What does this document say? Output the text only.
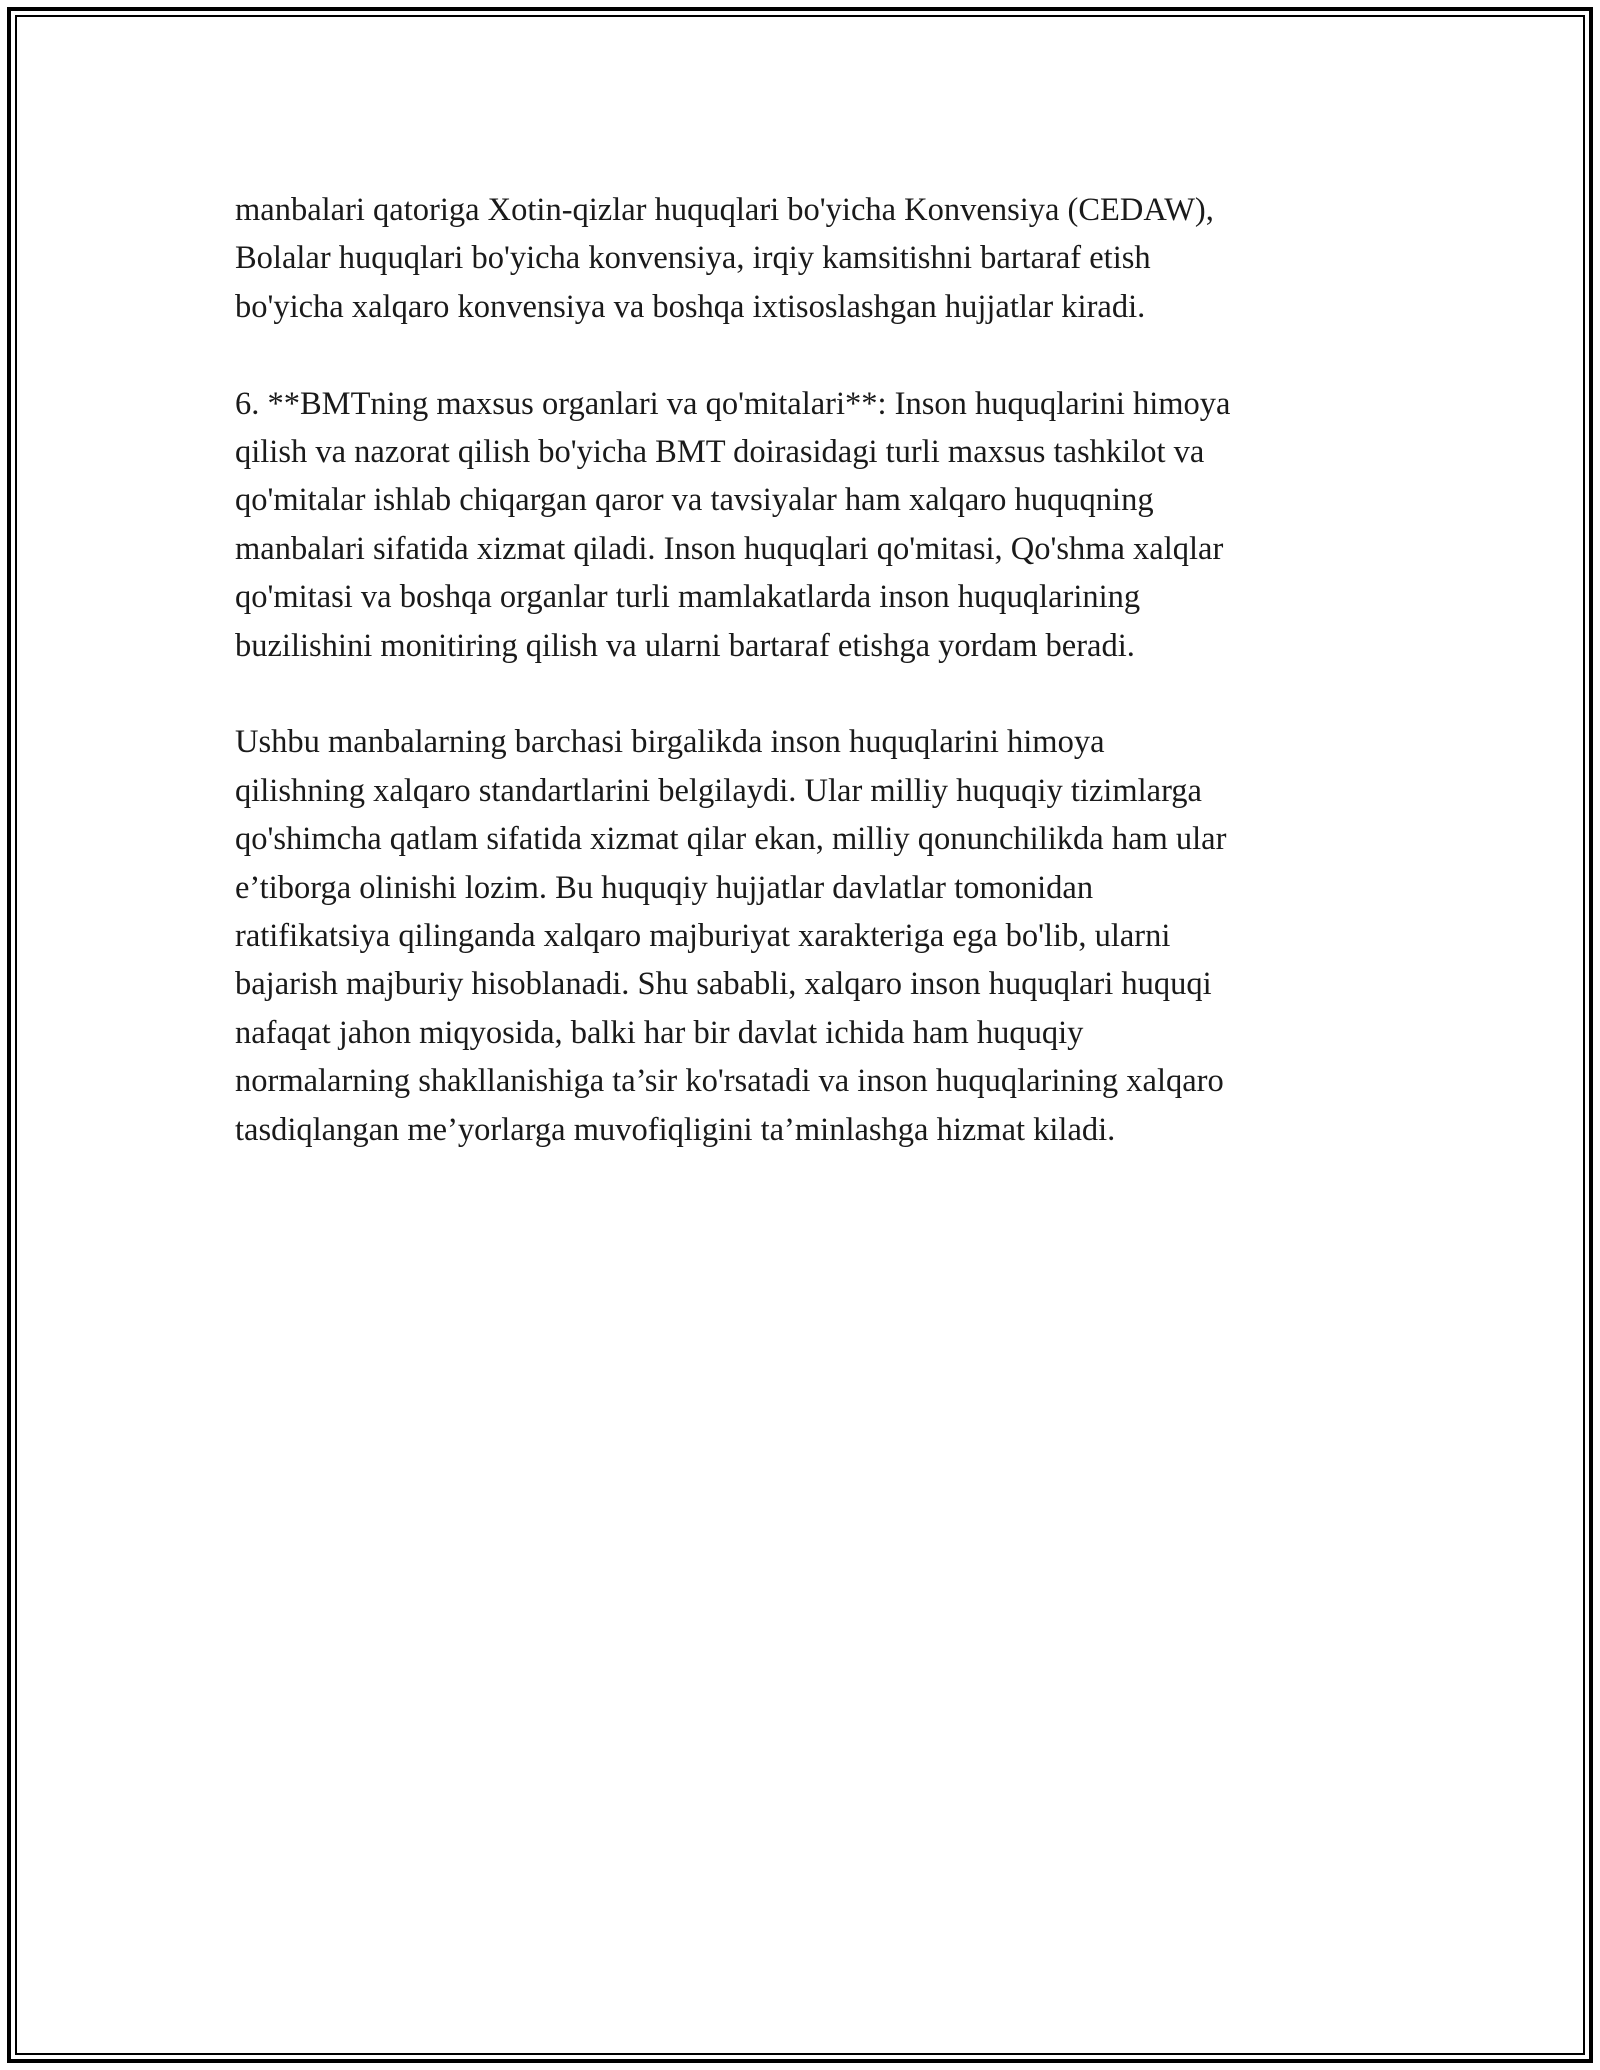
manbalari qatoriga Xotin-qizlar huquqlari bo'yicha Konvensiya (CEDAW),
Bolalar huquqlari bo'yicha konvensiya, irqiy kamsitishni bartaraf etish
bo'yicha xalqaro konvensiya va boshqa ixtisoslashgan hujjatlar kiradi.

6. **BMTning maxsus organlari va qo'mitalari**: Inson huquqlarini himoya
qilish va nazorat qilish bo'yicha BMT doirasidagi turli maxsus tashkilot va
qo'mitalar ishlab chiqargan qaror va tavsiyalar ham xalqaro huquqning
manbalari sifatida xizmat qiladi. Inson huquqlari qo'mitasi, Qo'shma xalqlar
qo'mitasi va boshqa organlar turli mamlakatlarda inson huquqlarining
buzilishini monitiring qilish va ularni bartaraf etishga yordam beradi.

Ushbu manbalarning barchasi birgalikda inson huquqlarini himoya
qilishning xalqaro standartlarini belgilaydi. Ular milliy huquqiy tizimlarga
qo'shimcha qatlam sifatida xizmat qilar ekan, milliy qonunchilikda ham ular
e’tiborga olinishi lozim. Bu huquqiy hujjatlar davlatlar tomonidan
ratifikatsiya qilinganda xalqaro majburiyat xarakteriga ega bo'lib, ularni
bajarish majburiy hisoblanadi. Shu sababli, xalqaro inson huquqlari huquqi
nafaqat jahon miqyosida, balki har bir davlat ichida ham huquqiy
normalarning shakllanishiga ta’sir ko'rsatadi va inson huquqlarining xalqaro
tasdiqlangan me’yorlarga muvofiqligini ta’minlashga hizmat kiladi.
